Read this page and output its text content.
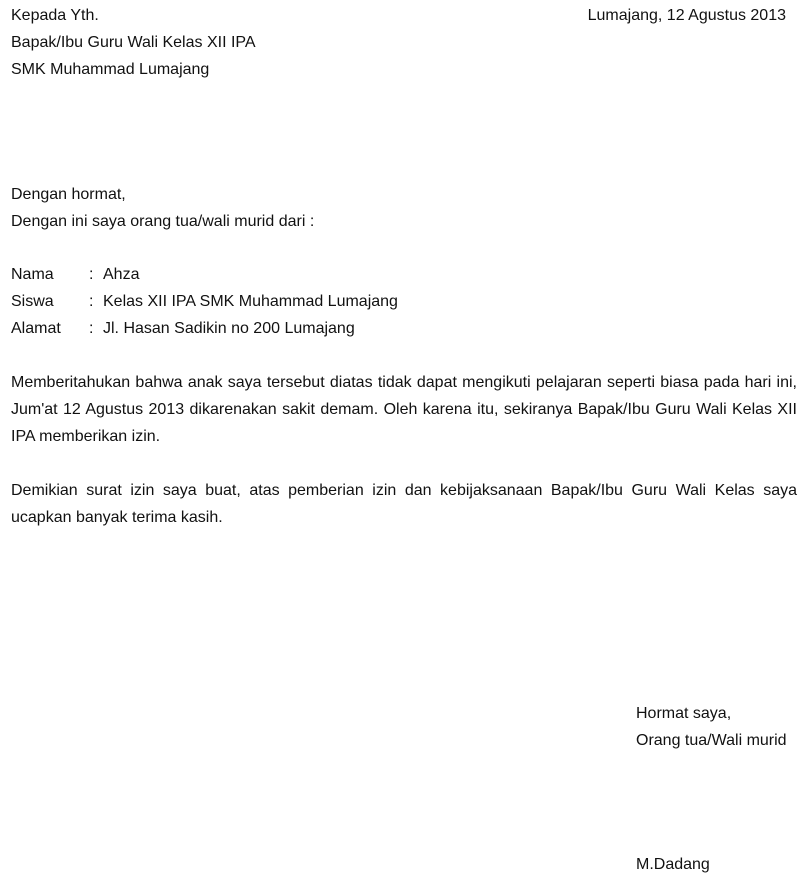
Kepada Yth.
Bapak/Ibu Guru Wali Kelas XII IPA
SMK Muhammad Lumajang
Lumajang, 12 Agustus 2013
Dengan hormat,
Dengan ini saya orang tua/wali murid dari :
Nama : Ahza
Siswa : Kelas XII IPA SMK Muhammad Lumajang
Alamat : Jl. Hasan Sadikin no 200 Lumajang
Memberitahukan bahwa anak saya tersebut diatas tidak dapat mengikuti pelajaran seperti biasa pada hari ini, Jum'at 12 Agustus 2013 dikarenakan sakit demam. Oleh karena itu, sekiranya Bapak/Ibu Guru Wali Kelas XII IPA memberikan izin.
Demikian surat izin saya buat, atas pemberian izin dan kebijaksanaan Bapak/Ibu Guru Wali Kelas saya ucapkan banyak terima kasih.
Hormat saya,
Orang tua/Wali murid
M.Dadang
